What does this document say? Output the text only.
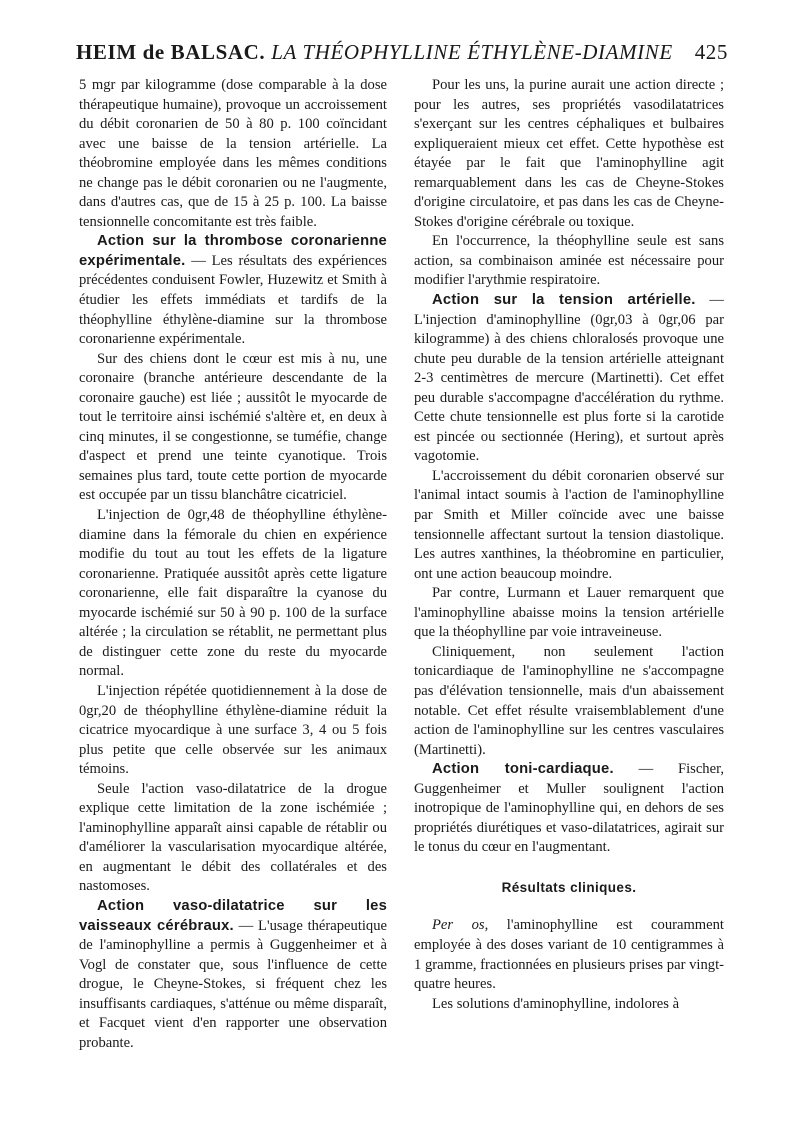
HEIM de BALSAC. LA THÉOPHYLLINE ÉTHYLÈNE-DIAMINE 425

5 mgr par kilogramme (dose comparable à la dose thérapeutique humaine), provoque un accroissement du débit coronarien de 50 à 80 p. 100 coïncidant avec une baisse de la tension artérielle. La théobromine employée dans les mêmes conditions ne change pas le débit coronarien ou ne l'augmente, dans d'autres cas, que de 15 à 25 p. 100. La baisse tensionnelle concomitante est très faible.

Action sur la thrombose coronarienne expérimentale. — Les résultats des expériences précédentes conduisent Fowler, Huzewitz et Smith à étudier les effets immédiats et tardifs de la théophylline éthylène-diamine sur la thrombose coronarienne expérimentale.

Sur des chiens dont le cœur est mis à nu, une coronaire (branche antérieure descendante de la coronaire gauche) est liée ; aussitôt le myocarde de tout le territoire ainsi ischémié s'altère et, en deux à cinq minutes, il se congestionne, se tuméfie, change d'aspect et prend une teinte cyanotique. Trois semaines plus tard, toute cette portion de myocarde est occupée par un tissu blanchâtre cicatriciel.

L'injection de 0gr,48 de théophylline éthylène-diamine dans la fémorale du chien en expérience modifie du tout au tout les effets de la ligature coronarienne. Pratiquée aussitôt après cette ligature coronarienne, elle fait disparaître la cyanose du myocarde ischémié sur 50 à 90 p. 100 de la surface altérée ; la circulation se rétablit, ne permettant plus de distinguer cette zone du reste du myocarde normal.

L'injection répétée quotidiennement à la dose de 0gr,20 de théophylline éthylène-diamine réduit la cicatrice myocardique à une surface 3, 4 ou 5 fois plus petite que celle observée sur les animaux témoins.

Seule l'action vaso-dilatatrice de la drogue explique cette limitation de la zone ischémiée ; l'aminophylline apparaît ainsi capable de rétablir ou d'améliorer la vascularisation myocardique altérée, en augmentant le débit des collatérales et des nastomoses.

Action vaso-dilatatrice sur les vaisseaux cérébraux. — L'usage thérapeutique de l'aminophylline a permis à Guggenheimer et à Vogl de constater que, sous l'influence de cette drogue, le Cheyne-Stokes, si fréquent chez les insuffisants cardiaques, s'atténue ou même disparaît, et Facquet vient d'en rapporter une observation probante.

Pour les uns, la purine aurait une action directe ; pour les autres, ses propriétés vasodilatatrices s'exerçant sur les centres céphaliques et bulbaires expliqueraient mieux cet effet. Cette hypothèse est étayée par le fait que l'aminophylline agit remarquablement dans les cas de Cheyne-Stokes d'origine circulatoire, et pas dans les cas de Cheyne-Stokes d'origine cérébrale ou toxique.

En l'occurrence, la théophylline seule est sans action, sa combinaison aminée est nécessaire pour modifier l'arythmie respiratoire.

Action sur la tension artérielle. — L'injection d'aminophylline (0gr,03 à 0gr,06 par kilogramme) à des chiens chloralosés provoque une chute peu durable de la tension artérielle atteignant 2-3 centimètres de mercure (Martinetti). Cet effet peu durable s'accompagne d'accélération du rythme. Cette chute tensionnelle est plus forte si la carotide est pincée ou sectionnée (Hering), et surtout après vagotomie.

L'accroissement du débit coronarien observé sur l'animal intact soumis à l'action de l'aminophylline par Smith et Miller coïncide avec une baisse tensionnelle affectant surtout la tension diastolique. Les autres xanthines, la théobromine en particulier, ont une action beaucoup moindre.

Par contre, Lurmann et Lauer remarquent que l'aminophylline abaisse moins la tension artérielle que la théophylline par voie intraveineuse.

Cliniquement, non seulement l'action tonicardiaque de l'aminophylline ne s'accompagne pas d'élévation tensionnelle, mais d'un abaissement notable. Cet effet résulte vraisemblablement d'une action de l'aminophylline sur les centres vasculaires (Martinetti).

Action toni-cardiaque. — Fischer, Guggenheimer et Muller soulignent l'action inotropique de l'aminophylline qui, en dehors de ses propriétés diurétiques et vaso-dilatatrices, agirait sur le tonus du cœur en l'augmentant.

Résultats cliniques.

Per os, l'aminophylline est couramment employée à des doses variant de 10 centigrammes à 1 gramme, fractionnées en plusieurs prises par vingt-quatre heures.

Les solutions d'aminophylline, indolores à
